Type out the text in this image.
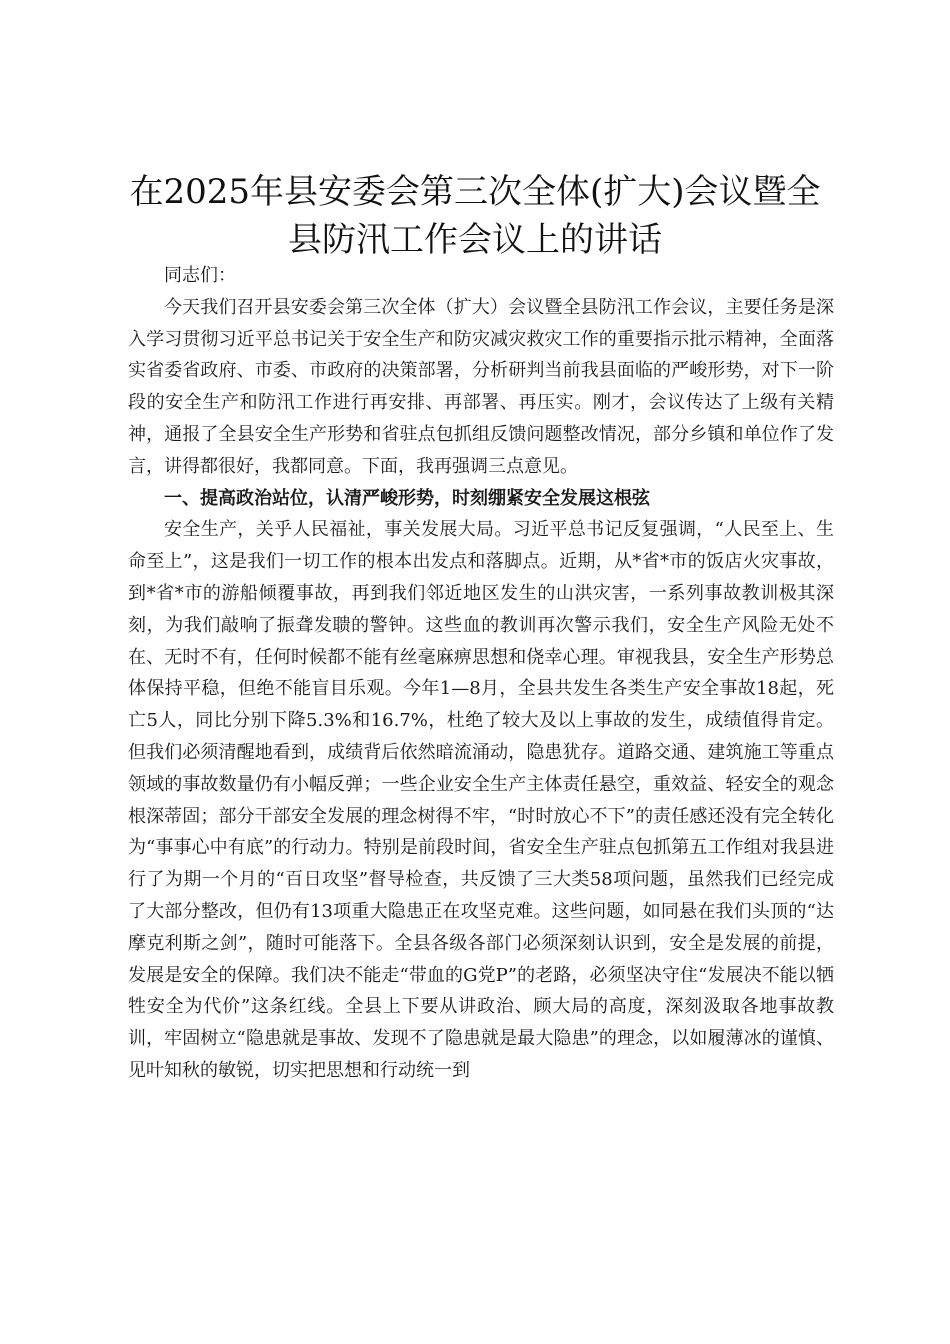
在2025年县安委会第三次全体(扩大)会议暨全
县防汛工作会议上的讲话

同志们：

今天我们召开县安委会第三次全体（扩大）会议暨全县防汛工作会议，主要任务是深入学习贯彻习近平总书记关于安全生产和防灾减灾救灾工作的重要指示批示精神，全面落实省委省政府、市委、市政府的决策部署，分析研判当前我县面临的严峻形势，对下一阶段的安全生产和防汛工作进行再安排、再部署、再压实。刚才，会议传达了上级有关精神，通报了全县安全生产形势和省驻点包抓组反馈问题整改情况，部分乡镇和单位作了发言，讲得都很好，我都同意。下面，我再强调三点意见。

一、提高政治站位，认清严峻形势，时刻绷紧安全发展这根弦

安全生产，关乎人民福祉，事关发展大局。习近平总书记反复强调，“人民至上、生命至上”，这是我们一切工作的根本出发点和落脚点。近期，从*省*市的饭店火灾事故，到*省*市的游船倾覆事故，再到我们邻近地区发生的山洪灾害，一系列事故教训极其深刻，为我们敲响了振聋发聩的警钟。这些血的教训再次警示我们，安全生产风险无处不在、无时不有，任何时候都不能有丝毫麻痹思想和侥幸心理。审视我县，安全生产形势总体保持平稳，但绝不能盲目乐观。今年1—8月，全县共发生各类生产安全事故18起，死亡5人，同比分别下降5.3%和16.7%，杜绝了较大及以上事故的发生，成绩值得肯定。但我们必须清醒地看到，成绩背后依然暗流涌动，隐患犹存。道路交通、建筑施工等重点领域的事故数量仍有小幅反弹；一些企业安全生产主体责任悬空，重效益、轻安全的观念根深蒂固；部分干部安全发展的理念树得不牢，“时时放心不下”的责任感还没有完全转化为“事事心中有底”的行动力。特别是前段时间，省安全生产驻点包抓第五工作组对我县进行了为期一个月的“百日攻坚”督导检查，共反馈了三大类58项问题，虽然我们已经完成了大部分整改，但仍有13项重大隐患正在攻坚克难。这些问题，如同悬在我们头顶的“达摩克利斯之剑”，随时可能落下。全县各级各部门必须深刻认识到，安全是发展的前提，发展是安全的保障。我们决不能走“带血的G党P”的老路，必须坚决守住“发展决不能以牺牲安全为代价”这条红线。全县上下要从讲政治、顾大局的高度，深刻汲取各地事故教训，牢固树立“隐患就是事故、发现不了隐患就是最大隐患”的理念，以如履薄冰的谨慎、见叶知秋的敏锐，切实把思想和行动统一到
